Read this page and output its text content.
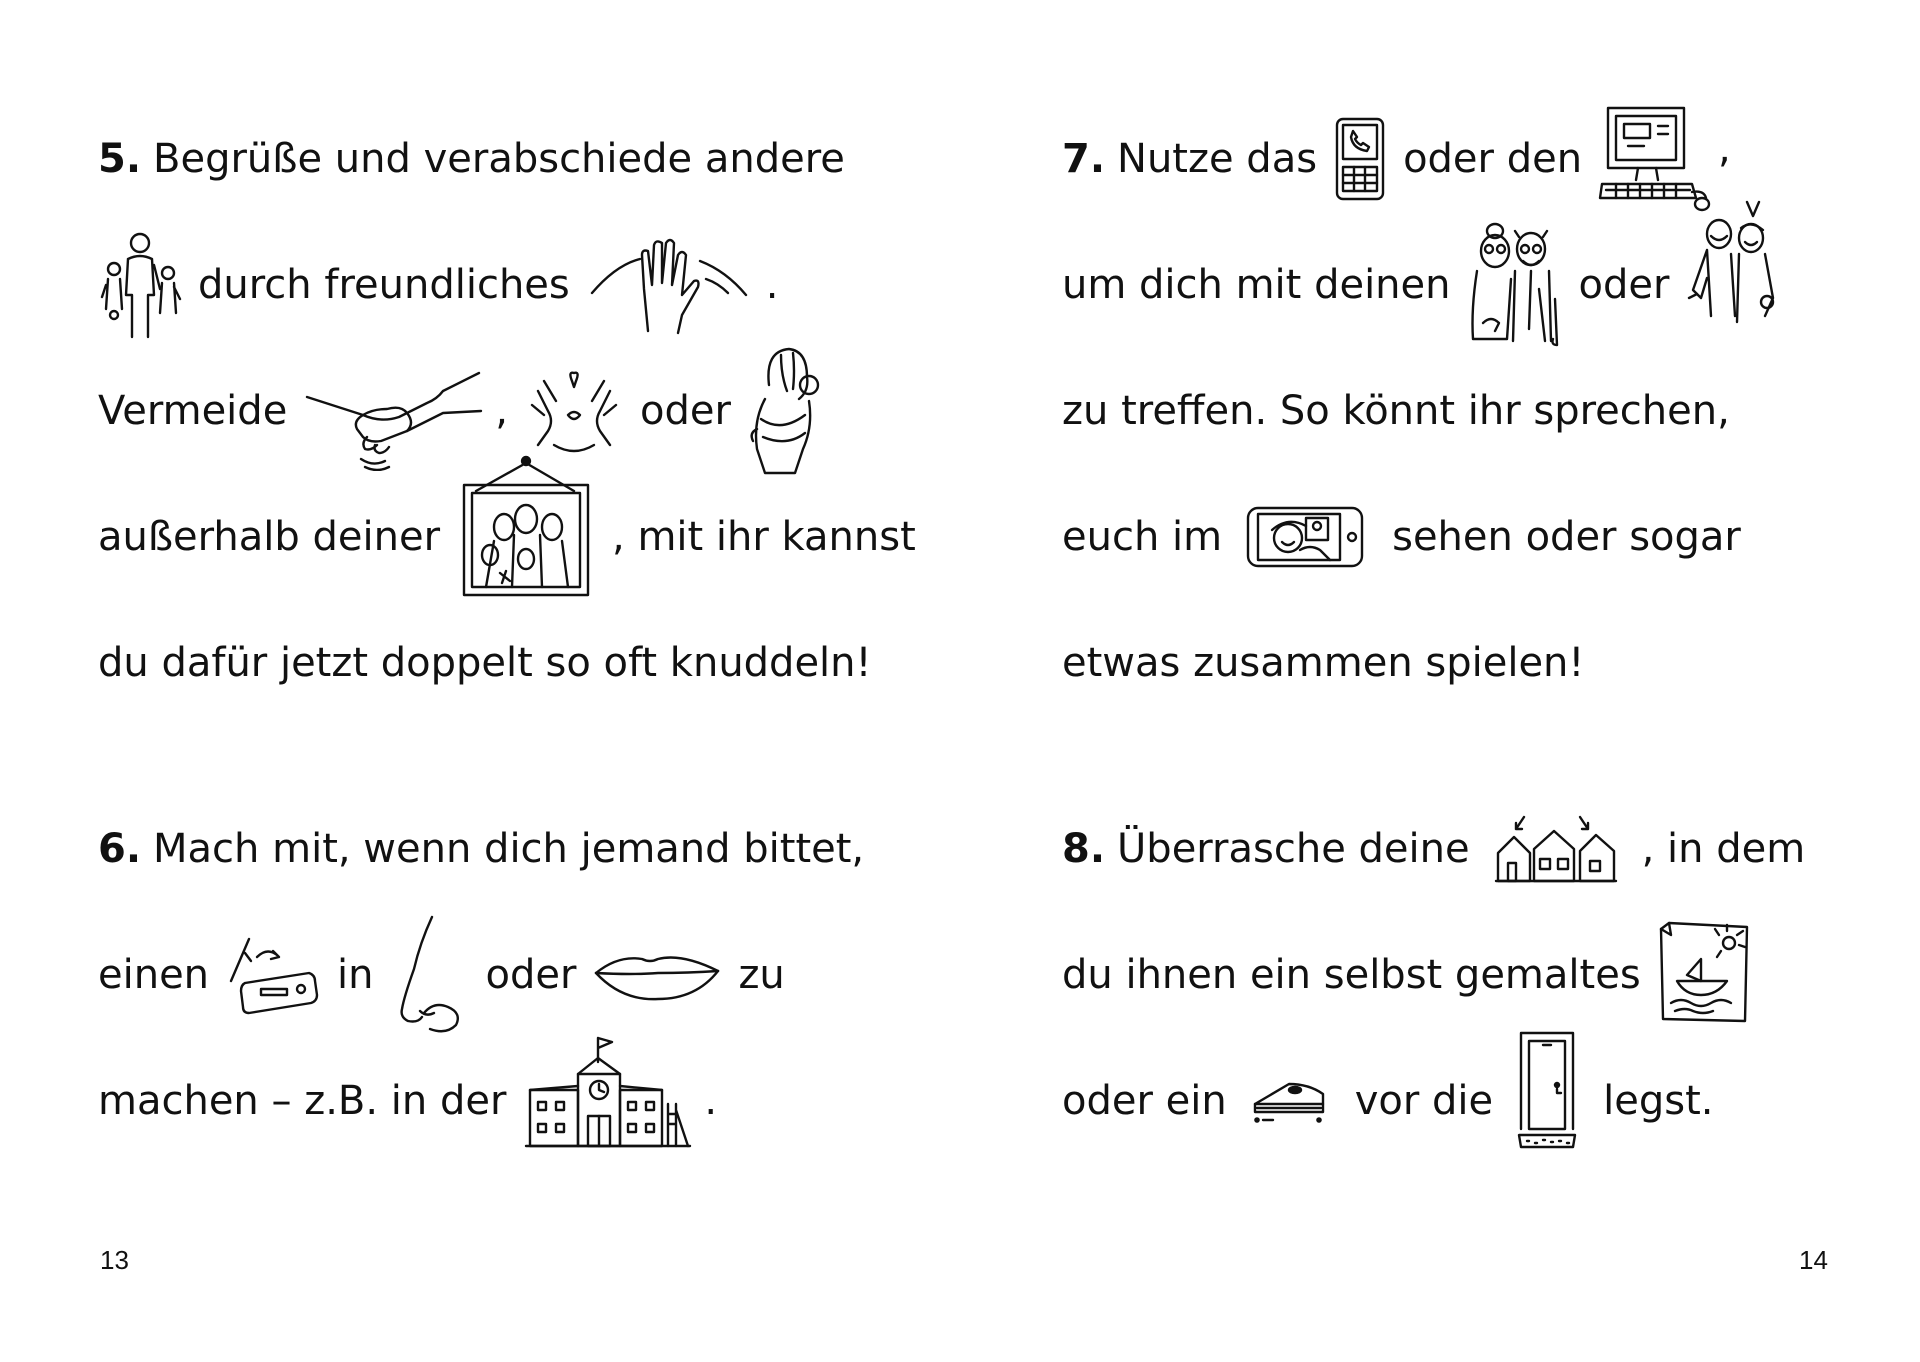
5. Begrüße und verabschiede andere
durch freundliches	.
Vermeide	,	oder
außerhalb deiner	, mit ihr kannst
du dafür jetzt doppelt so oft knuddeln!
6. Mach mit, wenn dich jemand bittet,
einen	in	oder	zu
machen – z.B. in der	.
13
7. Nutze das oder den	,
um dich mit deinen	oder
zu treffen. So könnt ihr sprechen,
euch im	sehen oder sogar
etwas zusammen spielen!
8. Überrasche deine	, in dem
du ihnen ein selbst gemaltes
oder ein	vor die	legst.
14
